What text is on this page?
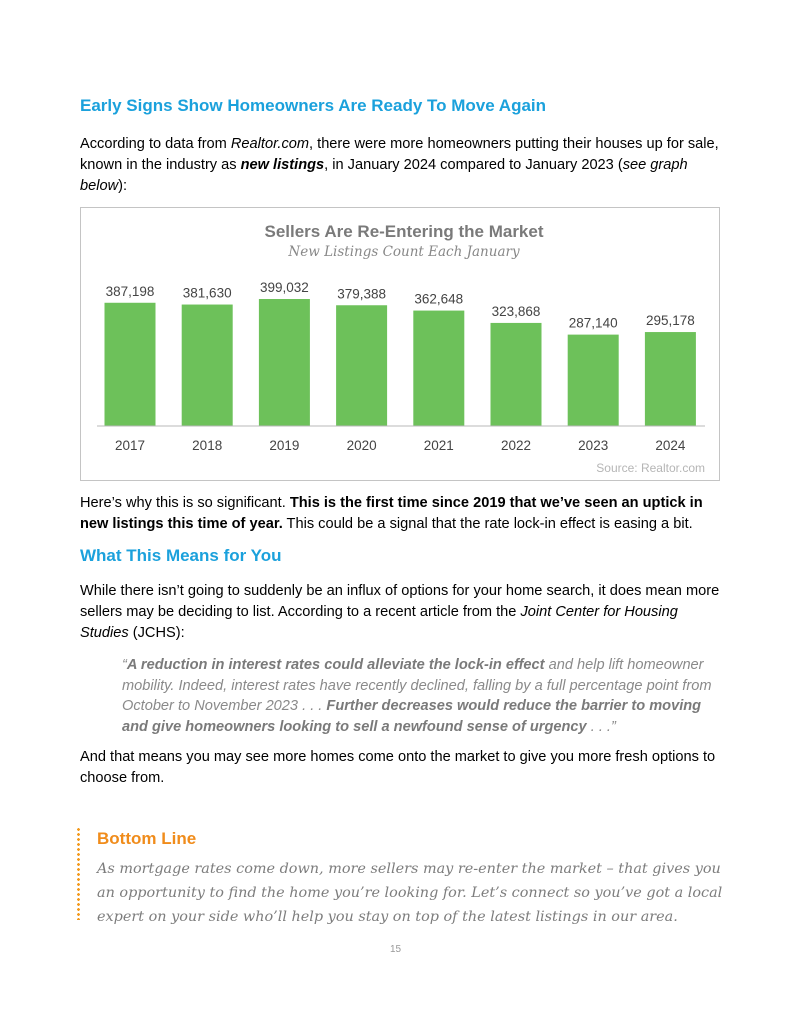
Early Signs Show Homeowners Are Ready To Move Again

According to data from Realtor.com, there were more homeowners putting their houses up for sale, known in the industry as new listings, in January 2024 compared to January 2023 (see graph below):

Sellers Are Re-Entering the Market
New Listings Count Each January
387,198
2017
381,630
2018
399,032
2019
379,388
2020
362,648
2021
323,868
2022
287,140
2023
295,178
2024
Source: Realtor.com

Here’s why this is so significant. This is the first time since 2019 that we’ve seen an uptick in new listings this time of year. This could be a signal that the rate lock-in effect is easing a bit.

What This Means for You

While there isn’t going to suddenly be an influx of options for your home search, it does mean more sellers may be deciding to list. According to a recent article from the Joint Center for Housing Studies (JCHS):

“A reduction in interest rates could alleviate the lock-in effect and help lift homeowner mobility. Indeed, interest rates have recently declined, falling by a full percentage point from October to November 2023 . . . Further decreases would reduce the barrier to moving and give homeowners looking to sell a newfound sense of urgency . . .”

And that means you may see more homes come onto the market to give you more fresh options to choose from.

Bottom Line

As mortgage rates come down, more sellers may re-enter the market – that gives you an opportunity to find the home you’re looking for. Let’s connect so you’ve got a local expert on your side who’ll help you stay on top of the latest listings in our area.

15
